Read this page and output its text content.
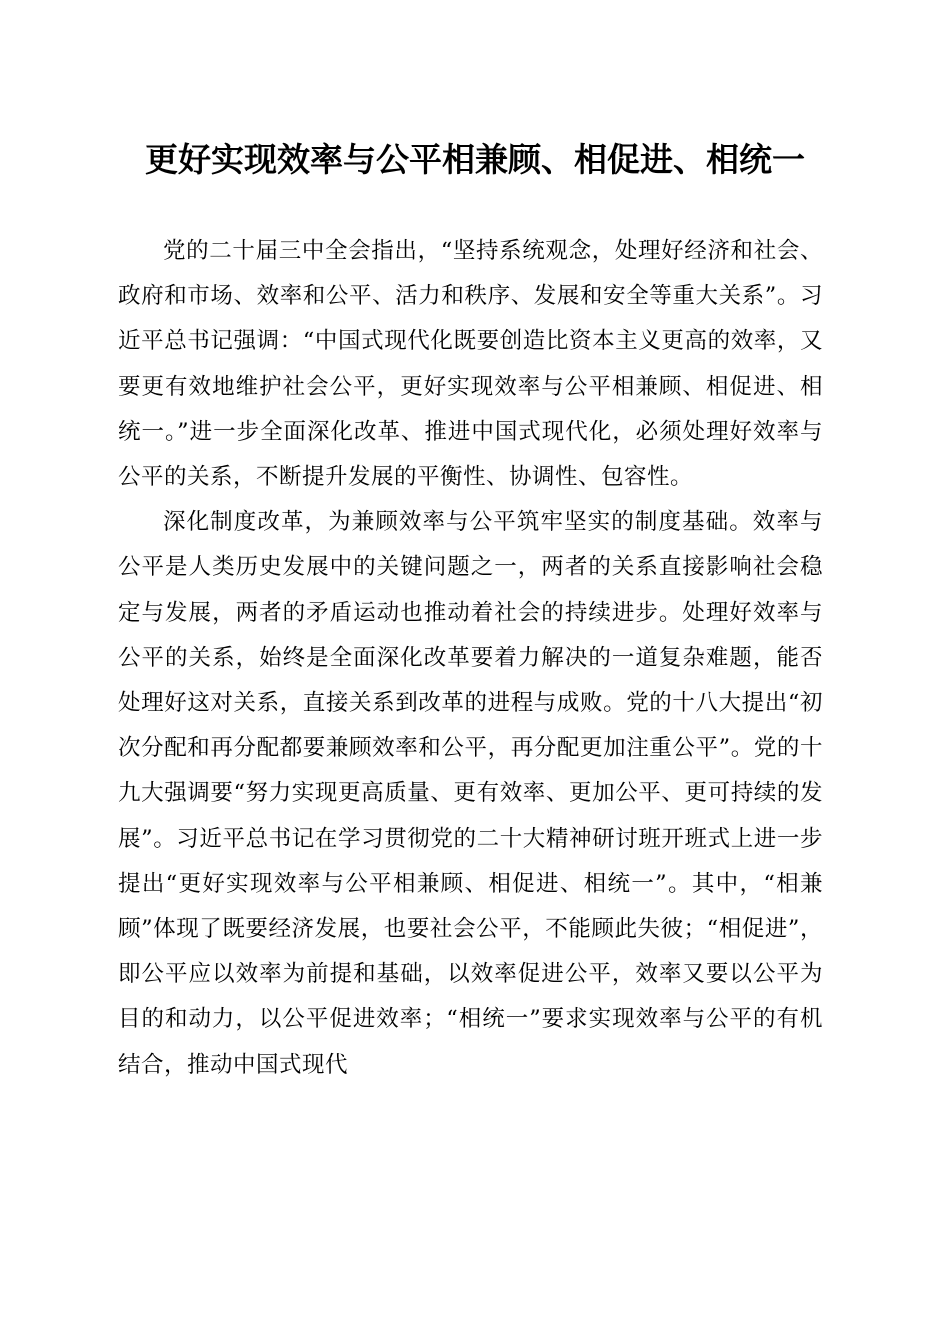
更好实现效率与公平相兼顾、相促进、相统一

党的二十届三中全会指出，“坚持系统观念，处理好经济和社会、政府和市场、效率和公平、活力和秩序、发展和安全等重大关系”。习近平总书记强调：“中国式现代化既要创造比资本主义更高的效率，又要更有效地维护社会公平，更好实现效率与公平相兼顾、相促进、相统一。”进一步全面深化改革、推进中国式现代化，必须处理好效率与公平的关系，不断提升发展的平衡性、协调性、包容性。

深化制度改革，为兼顾效率与公平筑牢坚实的制度基础。效率与公平是人类历史发展中的关键问题之一，两者的关系直接影响社会稳定与发展，两者的矛盾运动也推动着社会的持续进步。处理好效率与公平的关系，始终是全面深化改革要着力解决的一道复杂难题，能否处理好这对关系，直接关系到改革的进程与成败。党的十八大提出“初次分配和再分配都要兼顾效率和公平，再分配更加注重公平”。党的十九大强调要“努力实现更高质量、更有效率、更加公平、更可持续的发展”。习近平总书记在学习贯彻党的二十大精神研讨班开班式上进一步提出“更好实现效率与公平相兼顾、相促进、相统一”。其中，“相兼顾”体现了既要经济发展，也要社会公平，不能顾此失彼；“相促进”，即公平应以效率为前提和基础，以效率促进公平，效率又要以公平为目的和动力，以公平促进效率；“相统一”要求实现效率与公平的有机结合，推动中国式现代
